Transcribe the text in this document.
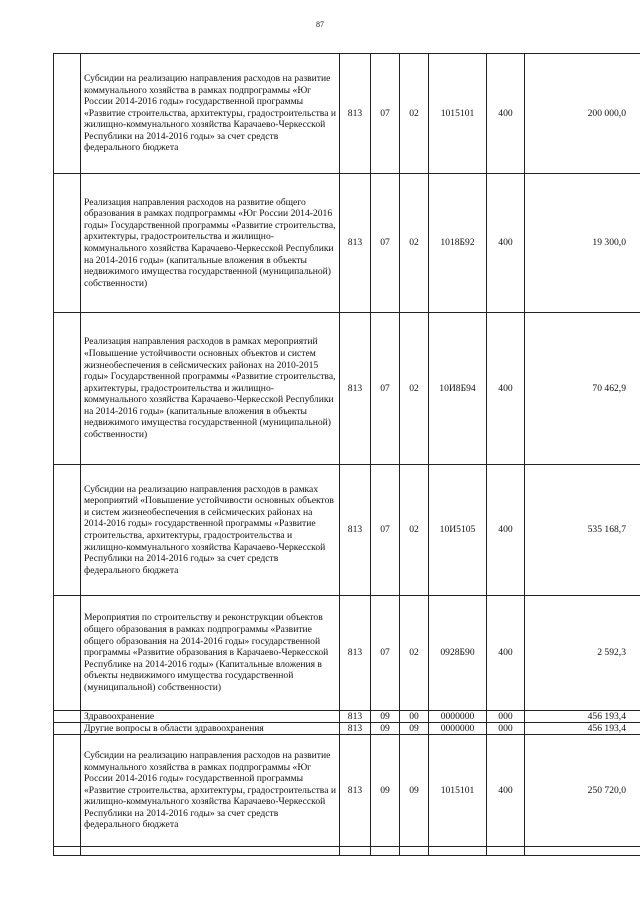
87
	Субсидии на реализацию направления расходов на развитие коммунального хозяйства в рамках подпрограммы «Юг России 2014-2016 годы» государственной программы «Развитие строительства, архитектуры, градостроительства и жилищно-коммунального хозяйства Карачаево-Черкесской Республики на 2014-2016 годы» за счет средств федерального бюджета	813	07	02	1015101	400	200 000,0
	Реализация направления расходов на развитие общего образования в рамках подпрограммы «Юг России 2014-2016 годы» Государственной программы «Развитие строительства, архитектуры, градостроительства и жилищно-коммунального хозяйства Карачаево-Черкесской Республики на 2014-2016 годы» (капитальные вложения в объекты недвижимого имущества государственной (муниципальной) собственности)	813	07	02	1018Б92	400	19 300,0
	Реализация направления расходов в рамках мероприятий «Повышение устойчивости основных объектов и систем жизнеобеспечения в сейсмических районах на 2010-2015 годы» Государственной программы «Развитие строительства, архитектуры, градостроительства и жилищно-коммунального хозяйства Карачаево-Черкесской Республики на 2014-2016 годы» (капитальные вложения в объекты недвижимого имущества государственной (муниципальной) собственности)	813	07	02	10И8Б94	400	70 462,9
	Субсидии на реализацию направления расходов в рамках мероприятий «Повышение устойчивости основных объектов и систем жизнеобеспечения в сейсмических районах на 2014-2016 годы» государственной программы «Развитие строительства, архитектуры, градостроительства и жилищно-коммунального хозяйства Карачаево-Черкесской Республики на 2014-2016 годы» за счет средств федерального бюджета	813	07	02	10И5105	400	535 168,7
	Мероприятия по строительству и реконструкции объектов общего образования в рамках подпрограммы «Развитие общего образования на 2014-2016 годы» государственной программы «Развитие образования в Карачаево-Черкесской Республике на 2014-2016 годы» (Капитальные вложения в объекты недвижимого имущества государственной (муниципальной) собственности)	813	07	02	0928Б90	400	2 592,3
	Здравоохранение	813	09	00	0000000	000	456 193,4
	Другие вопросы в области здравоохранения	813	09	09	0000000	000	456 193,4
	Субсидии на реализацию направления расходов на развитие коммунального хозяйства в рамках подпрограммы «Юг России 2014-2016 годы» государственной программы «Развитие строительства, архитектуры, градостроительства и жилищно-коммунального хозяйства Карачаево-Черкесской Республики на 2014-2016 годы» за счет средств федерального бюджета	813	09	09	1015101	400	250 720,0
